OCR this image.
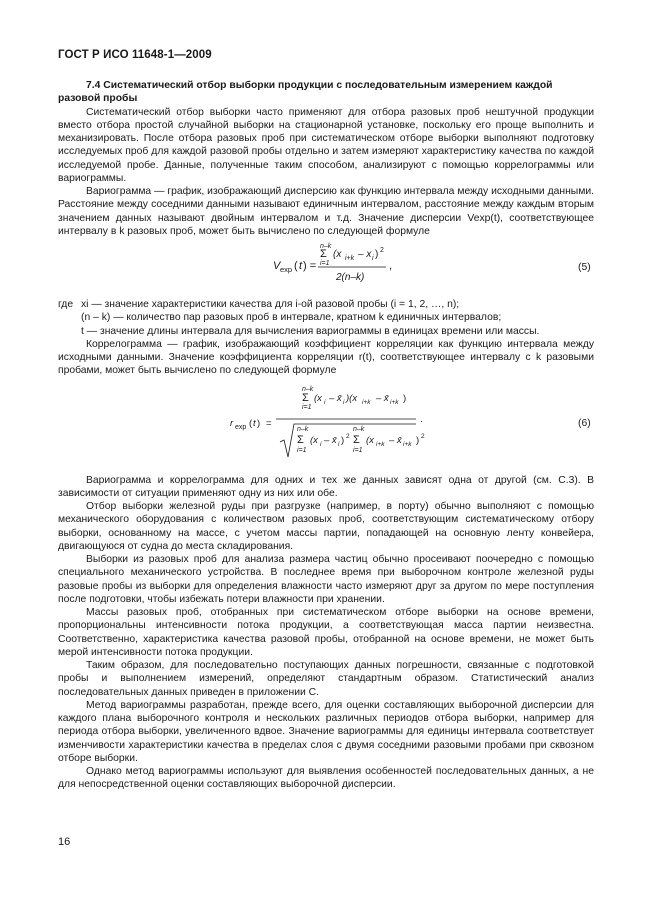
ГОСТ Р ИСО 11648-1—2009

7.4 Систематический отбор выборки продукции с последовательным измерением каждой разовой пробы

Систематический отбор выборки часто применяют для отбора разовых проб нештучной продукции вместо отбора простой случайной выборки на стационарной установке, поскольку его проще выполнить и механизировать. После отбора разовых проб при систематическом отборе выборки выполняют подготовку исследуемых проб для каждой разовой пробы отдельно и затем измеряют характеристику качества по каждой исследуемой пробе. Данные, полученные таким способом, анализируют с помощью коррелограммы или вариограммы.

Вариограмма — график, изображающий дисперсию как функцию интервала между исходными данными. Расстояние между соседними данными называют единичным интервалом, расстояние между каждым вторым значением данных называют двойным интервалом и т.д. Значение дисперсии Vexp(t), соответствующее интервалу в k разовых проб, может быть вычислено по следующей формуле

V exp ( t ) =
n–k
Σ
i=1
(x i+k – x i ) 2
2(n–k)
,	(5)
где xi — значение характеристики качества для i-ой разовой пробы (i = 1, 2, …, n);

(n – k) — количество пар разовых проб в интервале, кратном k единичных интервалов;

t — значение длины интервала для вычисления вариограммы в единицах времени или массы.

Коррелограмма — график, изображающий коэффициент корреляции как функцию интервала между исходными данными. Значение коэффициента корреляции r(t), соответствующее интервалу с k разовыми пробами, может быть вычислено по следующей формуле

r exp ( t ) =
n–k
Σ
i=1
(x i – x̄ i )(x i+k – x̄ i+k )
n–k
Σ
i=1
(x i – x̄ i ) 2
n–k
Σ
i=1
(x i+k – x̄ i+k ) 2
.	(6)

Вариограмма и коррелограмма для одних и тех же данных зависят одна от другой (см. С.3). В зависимости от ситуации применяют одну из них или обе.

Отбор выборки железной руды при разгрузке (например, в порту) обычно выполняют с помощью механического оборудования с количеством разовых проб, соответствующим систематическому отбору выборки, основанному на массе, с учетом массы партии, попадающей на основную ленту конвейера, двигающуюся от судна до места складирования.

Выборки из разовых проб для анализа размера частиц обычно просеивают поочередно с помощью специального механического устройства. В последнее время при выборочном контроле железной руды разовые пробы из выборки для определения влажности часто измеряют друг за другом по мере поступления после подготовки, чтобы избежать потери влажности при хранении.

Массы разовых проб, отобранных при систематическом отборе выборки на основе времени, пропорциональны интенсивности потока продукции, а соответствующая масса партии неизвестна. Соответственно, характеристика качества разовой пробы, отобранной на основе времени, не может быть мерой интенсивности потока продукции.

Таким образом, для последовательно поступающих данных погрешности, связанные с подготовкой пробы и выполнением измерений, определяют стандартным образом. Статистический анализ последовательных данных приведен в приложении С.

Метод вариограммы разработан, прежде всего, для оценки составляющих выборочной дисперсии для каждого плана выборочного контроля и нескольких различных периодов отбора выборки, например для периода отбора выборки, увеличенного вдвое. Значение вариограммы для единицы интервала соответствует изменчивости характеристики качества в пределах слоя с двумя соседними разовыми пробами при сквозном отборе выборки.

Однако метод вариограммы используют для выявления особенностей последовательных данных, а не для непосредственной оценки составляющих выборочной дисперсии.

16
